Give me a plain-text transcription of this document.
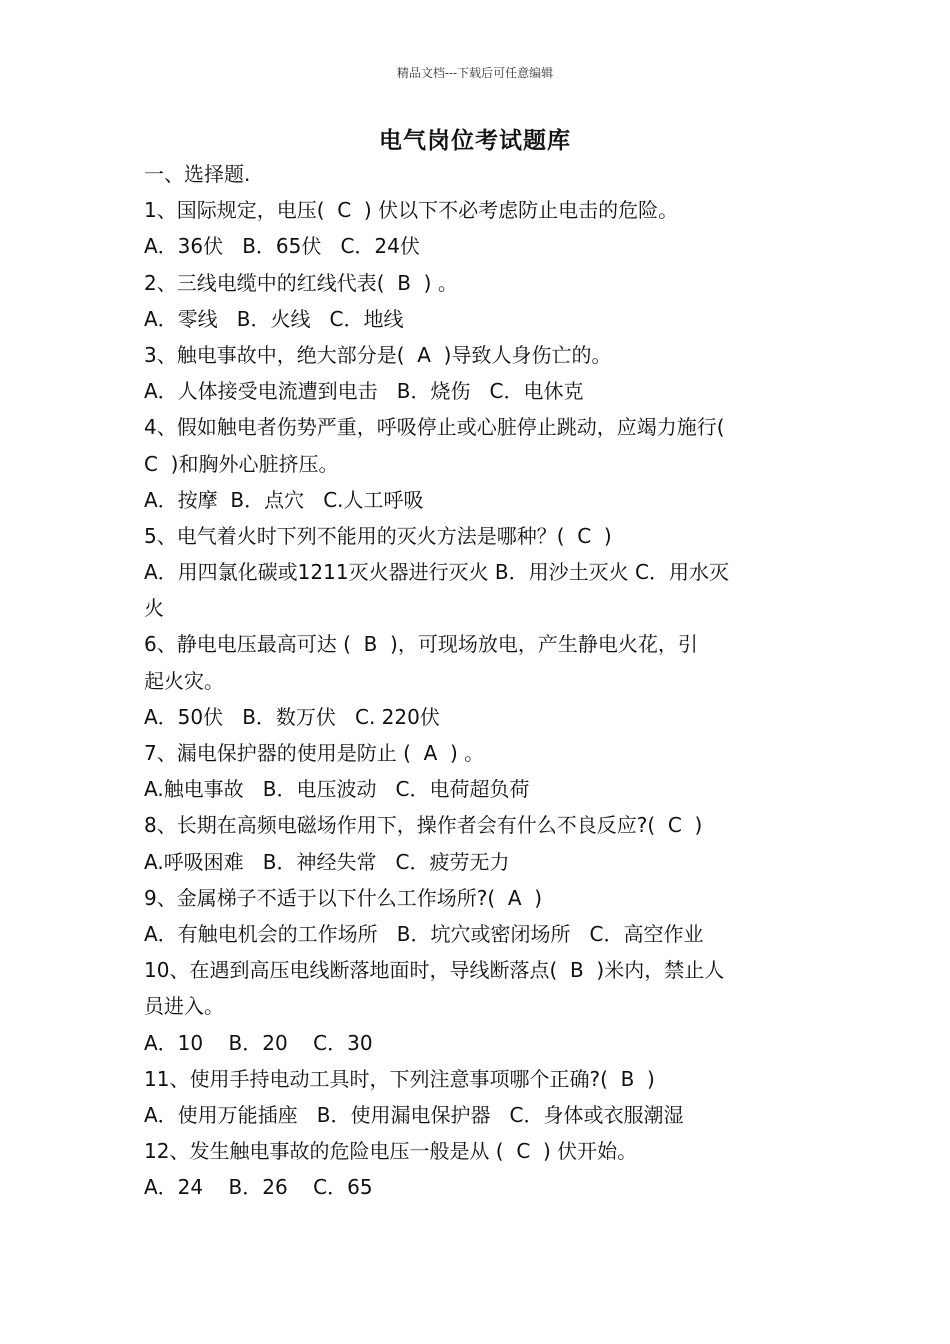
精品文档---下载后可任意编辑
电气岗位考试题库
一、选择题.
1、国际规定，电压(  C  ) 伏以下不必考虑防止电击的危险。
A．36伏   B．65伏   C．24伏
2、三线电缆中的红线代表(  B  ) 。
A．零线   B．火线   C．地线
3、触电事故中，绝大部分是(  A  )导致人身伤亡的。
A．人体接受电流遭到电击   B．烧伤   C．电休克
4、假如触电者伤势严重，呼吸停止或心脏停止跳动，应竭力施行(
C  )和胸外心脏挤压。
A．按摩  B．点穴   C.人工呼吸
5、电气着火时下列不能用的灭火方法是哪种？(  C  )
A．用四氯化碳或1211灭火器进行灭火 B．用沙土灭火 C．用水灭
火
6、静电电压最高可达 (  B  )，可现场放电，产生静电火花，引
起火灾。
A．50伏   B．数万伏   C. 220伏
7、漏电保护器的使用是防止 (  A  ) 。
A.触电事故   B．电压波动   C．电荷超负荷
8、长期在高频电磁场作用下，操作者会有什么不良反应?(  C  )
A.呼吸困难   B．神经失常   C．疲劳无力
9、金属梯子不适于以下什么工作场所?(  A  )
A．有触电机会的工作场所   B．坑穴或密闭场所   C．高空作业
10、在遇到高压电线断落地面时，导线断落点(  B  )米内，禁止人
员进入。
A．10    B．20    C．30
11、使用手持电动工具时，下列注意事项哪个正确?(  B  )
A．使用万能插座   B．使用漏电保护器   C．身体或衣服潮湿
12、发生触电事故的危险电压一般是从 (  C  ) 伏开始。
A．24    B．26    C．65
